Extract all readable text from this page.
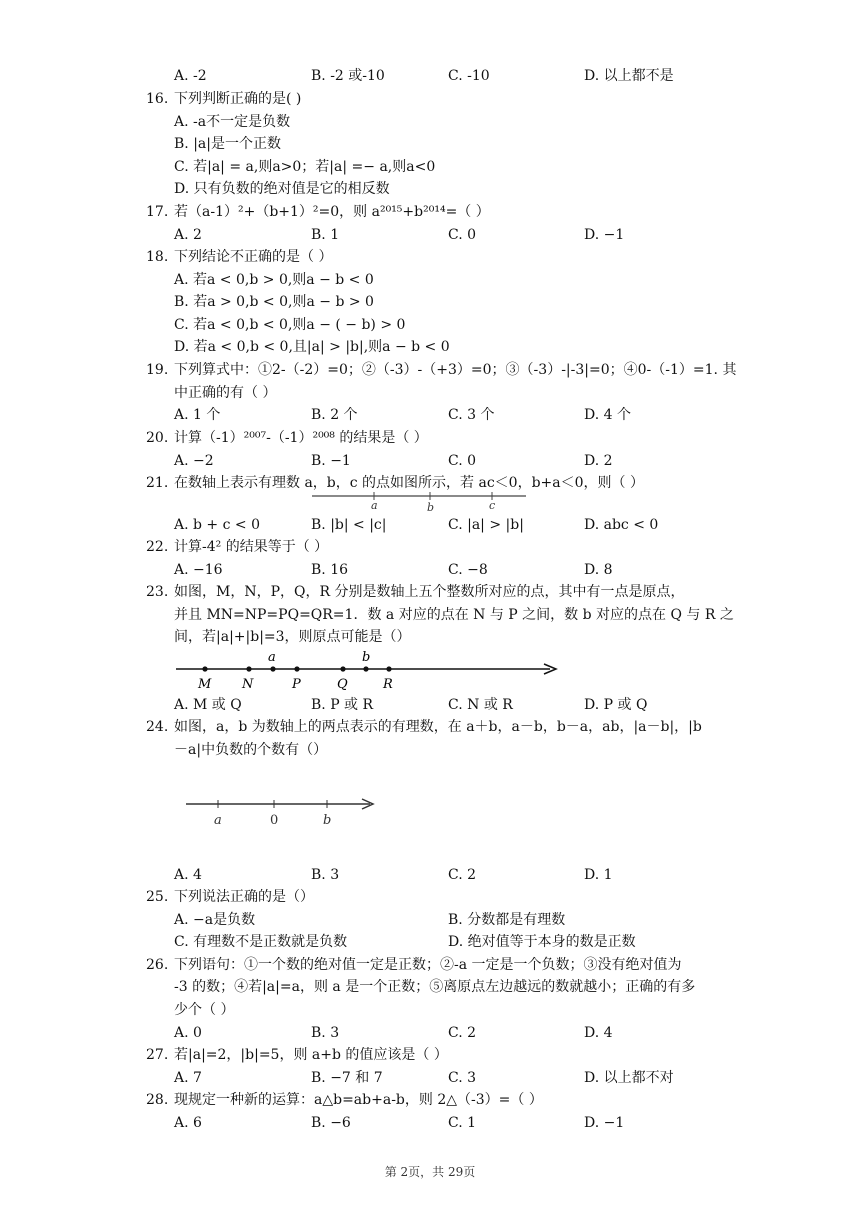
A. -2	B. -2 或-10	C. -10	D. 以上都不是
16. 下列判断正确的是( )
A. -a不一定是负数
B. |a|是一个正数
C. 若|a| = a,则a>0；若|a| =− a,则a<0
D. 只有负数的绝对值是它的相反数
17. 若（a-1）²+（b+1）²=0，则 a²⁰¹⁵+b²⁰¹⁴=（ ）
A. 2	B. 1	C. 0	D. −1
18. 下列结论不正确的是（ ）
A. 若a < 0,b > 0,则a − b < 0
B. 若a > 0,b < 0,则a − b > 0
C. 若a < 0,b < 0,则a − ( − b) > 0
D. 若a < 0,b < 0,且|a| > |b|,则a − b < 0
19. 下列算式中：①2-（-2）=0；②（-3）-（+3）=0；③（-3）-|-3|=0；④0-（-1）=1. 其
中正确的有（ ）
A. 1 个	B. 2 个	C. 3 个	D. 4 个
20. 计算（-1）²⁰⁰⁷-（-1）²⁰⁰⁸ 的结果是（ ）
A. −2	B. −1	C. 0	D. 2
21. 在数轴上表示有理数 a，b，c 的点如图所示，若 ac＜0，b+a＜0，则（ ）
a	b	c
A. b + c < 0	B. |b| < |c|	C. |a| > |b|	D. abc < 0
22. 计算-4² 的结果等于（ ）
A. −16	B. 16	C. −8	D. 8
23. 如图，M，N，P，Q，R 分别是数轴上五个整数所对应的点，其中有一点是原点，
并且 MN=NP=PQ=QR=1．数 a 对应的点在 N 与 P 之间，数 b 对应的点在 Q 与 R 之
间，若|a|+|b|=3，则原点可能是（）
a	b
M N	P	Q	R
A. M 或 Q	B. P 或 R	C. N 或 R	D. P 或 Q
24. 如图，a，b 为数轴上的两点表示的有理数，在 a＋b，a－b，b－a，ab，|a－b|，|b
－a|中负数的个数有（）
a	0	b
A. 4	B. 3	C. 2	D. 1
25. 下列说法正确的是（）
A. −a是负数	B. 分数都是有理数
C. 有理数不是正数就是负数	D. 绝对值等于本身的数是正数
26. 下列语句：①一个数的绝对值一定是正数；②-a 一定是一个负数；③没有绝对值为
-3 的数；④若|a|=a，则 a 是一个正数；⑤离原点左边越远的数就越小；正确的有多
少个（ ）
A. 0	B. 3	C. 2	D. 4
27. 若|a|=2，|b|=5，则 a+b 的值应该是（ ）
A. 7	B. −7 和 7	C. 3	D. 以上都不对
28. 现规定一种新的运算：a△b=ab+a-b，则 2△（-3）=（ ）
A. 6	B. −6	C. 1	D. −1
第 2页，共 29页
